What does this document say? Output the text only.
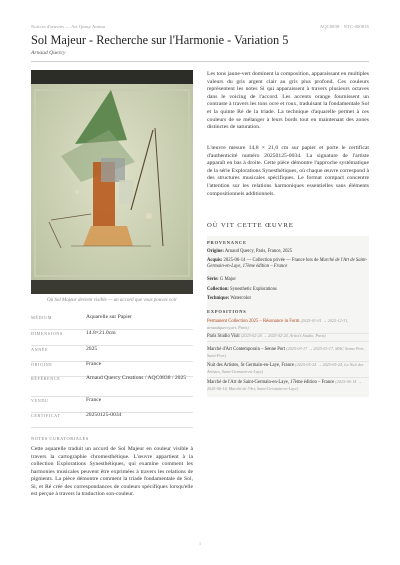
Notices d'œuvres — Art Quasy Anima	AQC0838 · NTC-000835
Sol Majeur - Recherche sur l'Harmonie - Variation 5
Arnaud Quercy
Où Sol Majeur devient visible — un accord que vous pouvez voir
MÉDIUM	Aquarelle sur Papier
DIMENSIONS	14.8×21.0cm
ANNÉE	2025
ORIGINE	France
RÉFÉRENCE	Arnaud Quercy Creations / AQC0838 / 2025
VENDU	France
CERTIFICAT	20250125-0034
NOTES CURATORIALES
Cette aquarelle traduit un accord de Sol Majeur en couleur visible à travers la cartographie chromesthétique. L'œuvre appartient à la collection Explorations Synesthétiques, qui examine comment les harmonies musicales peuvent être exprimées à travers les relations de pigments. La pièce démontre comment la triade fondamentale de Sol, Si, et Ré crée des correspondances de couleurs spécifiques lorsqu'elle est perçue à travers la traduction son-couleur.

Les tons jaune-vert dominent la composition, apparaissant en multiples valeurs du gris argent clair au gris plus profond. Ces couleurs représentent les notes Si qui apparaissent à travers plusieurs octaves dans le voicing de l'accord. Les accents orange fournissent un contraste à travers les tons ocre et roux, traduisant la fondamentale Sol et la quinte Ré de la triade. La technique d'aquarelle permet à ces couleurs de se mélanger à leurs bords tout en maintenant des zones distinctes de saturation.

L'œuvre mesure 14,8 × 21,0 cm sur papier et porte le certificat d'authenticité numéro 20250125-0034. La signature de l'artiste apparaît en bas à droite. Cette pièce démontre l'approche systématique de la série Explorations Synesthétiques, où chaque œuvre correspond à des structures musicales spécifiques. Le format compact concentre l'attention sur les relations harmoniques essentielles sans éléments compositionnels additionnels.

OÙ VIT CETTE ŒUVRE
PROVENANCE
Origine: Arnaud Quercy, Paris, France, 2025
Acquis: 2025-06-14 — Collection privée — France lors de Marché de l'Art de Saint-Germain-en-Laye, 17ème édition – France
Série: G Major
Collection: Synesthetic Explorations
Technique: Watercolor
EXPOSITIONS
Permanent Collection 2025 – Résonance in Form (2025-01-01 → 2025-12-31, arnaudquercy.art, Paris)
Paris Studio Visit (2025-02-20 → 2025-02-24, Artist's Studio, Paris)
Marché d'Art Contemporain – Senne Port (2025-03-17 → 2025-03-17, MAC Senne Port, Saint-Port)
Nuit des Artistes, St Germain-en-Laye, France (2025-05-24 → 2025-05-24, La Nuit des Artistes, Saint-Germain-en-Laye)
Marché de l'Art de Saint-Germain-en-Laye, 17ème édition – France (2025-06-14 → 2025-06-14, Marché de l'Art, Saint-Germain-en-Laye)
1
